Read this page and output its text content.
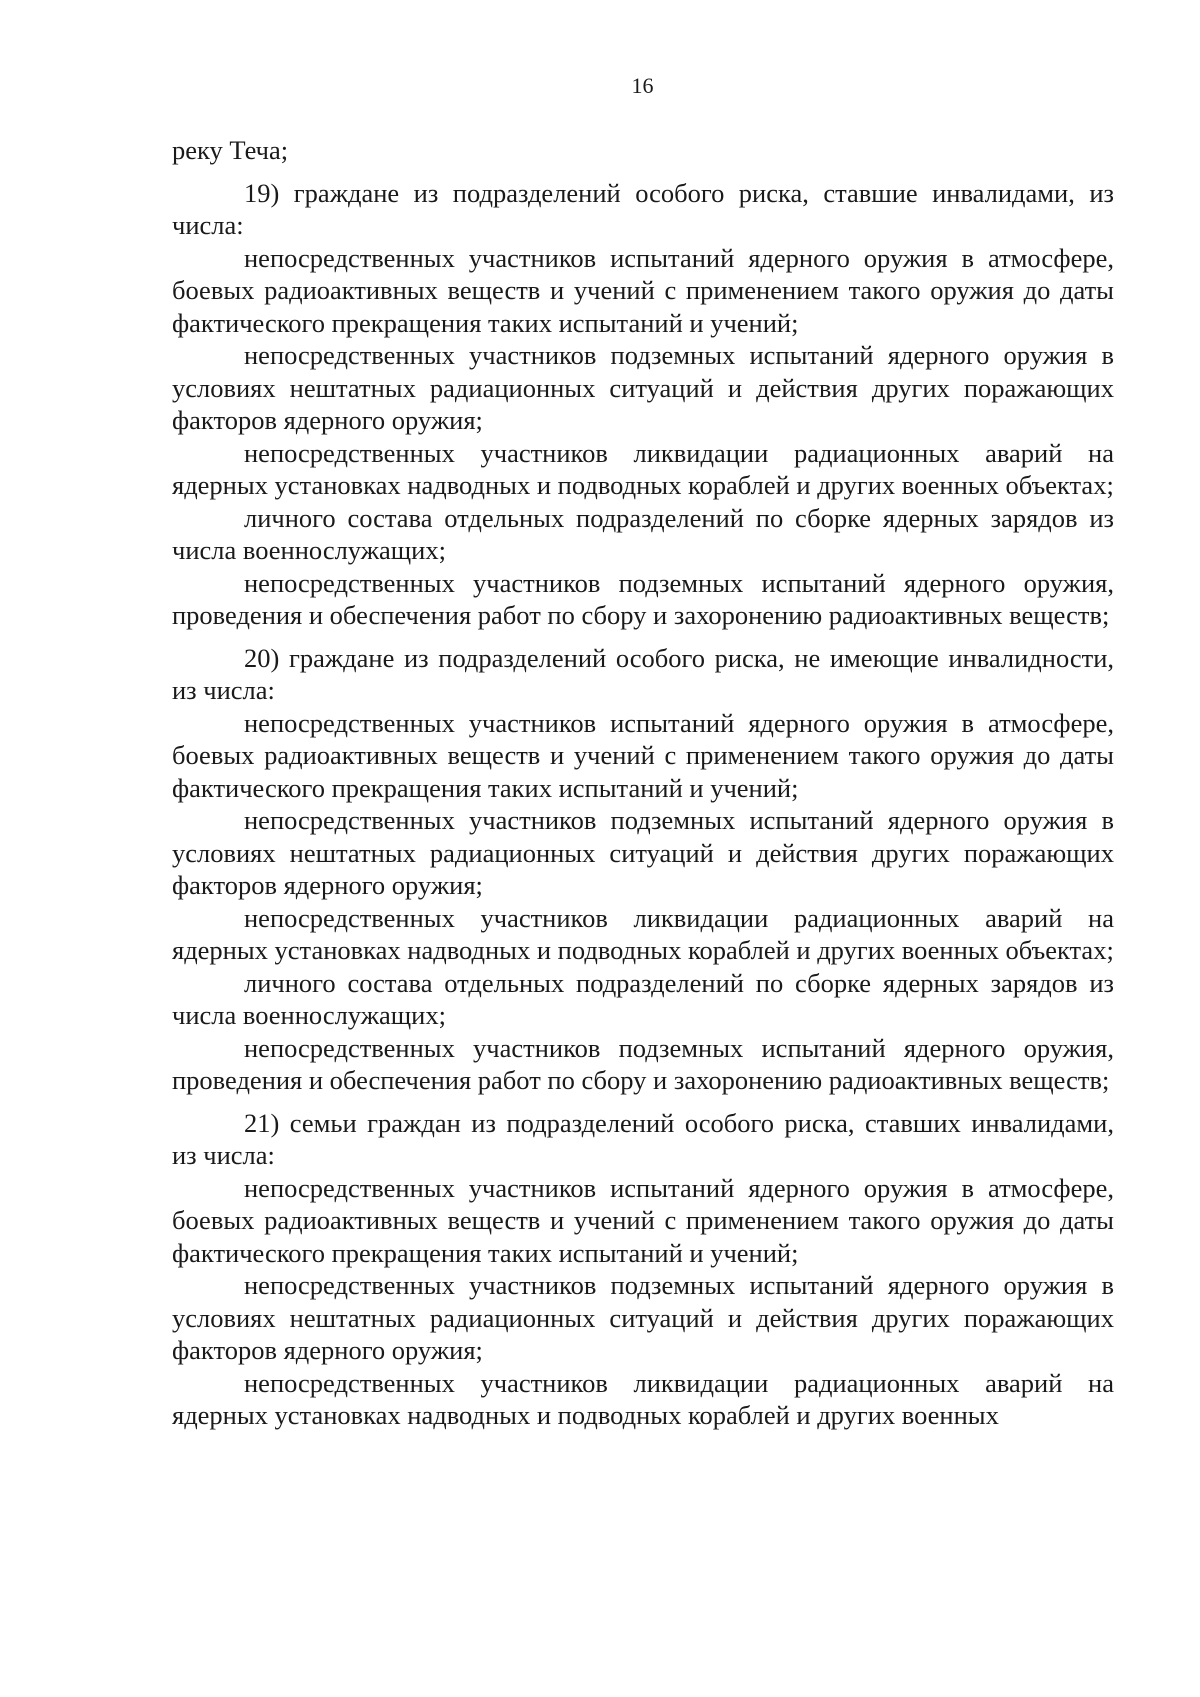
16

реку Теча;

19) граждане из подразделений особого риска, ставшие инвалидами, из числа:

непосредственных участников испытаний ядерного оружия в атмосфере, боевых радиоактивных веществ и учений с применением такого оружия до даты фактического прекращения таких испытаний и учений;

непосредственных участников подземных испытаний ядерного оружия в условиях нештатных радиационных ситуаций и действия других поражающих факторов ядерного оружия;

непосредственных участников ликвидации радиационных аварий на ядерных установках надводных и подводных кораблей и других военных объектах;

личного состава отдельных подразделений по сборке ядерных зарядов из числа военнослужащих;

непосредственных участников подземных испытаний ядерного оружия, проведения и обеспечения работ по сбору и захоронению радиоактивных веществ;

20) граждане из подразделений особого риска, не имеющие инвалидности, из числа:

непосредственных участников испытаний ядерного оружия в атмосфере, боевых радиоактивных веществ и учений с применением такого оружия до даты фактического прекращения таких испытаний и учений;

непосредственных участников подземных испытаний ядерного оружия в условиях нештатных радиационных ситуаций и действия других поражающих факторов ядерного оружия;

непосредственных участников ликвидации радиационных аварий на ядерных установках надводных и подводных кораблей и других военных объектах;

личного состава отдельных подразделений по сборке ядерных зарядов из числа военнослужащих;

непосредственных участников подземных испытаний ядерного оружия, проведения и обеспечения работ по сбору и захоронению радиоактивных веществ;

21) семьи граждан из подразделений особого риска, ставших инвалидами, из числа:

непосредственных участников испытаний ядерного оружия в атмосфере, боевых радиоактивных веществ и учений с применением такого оружия до даты фактического прекращения таких испытаний и учений;

непосредственных участников подземных испытаний ядерного оружия в условиях нештатных радиационных ситуаций и действия других поражающих факторов ядерного оружия;

непосредственных участников ликвидации радиационных аварий на ядерных установках надводных и подводных кораблей и других военных
